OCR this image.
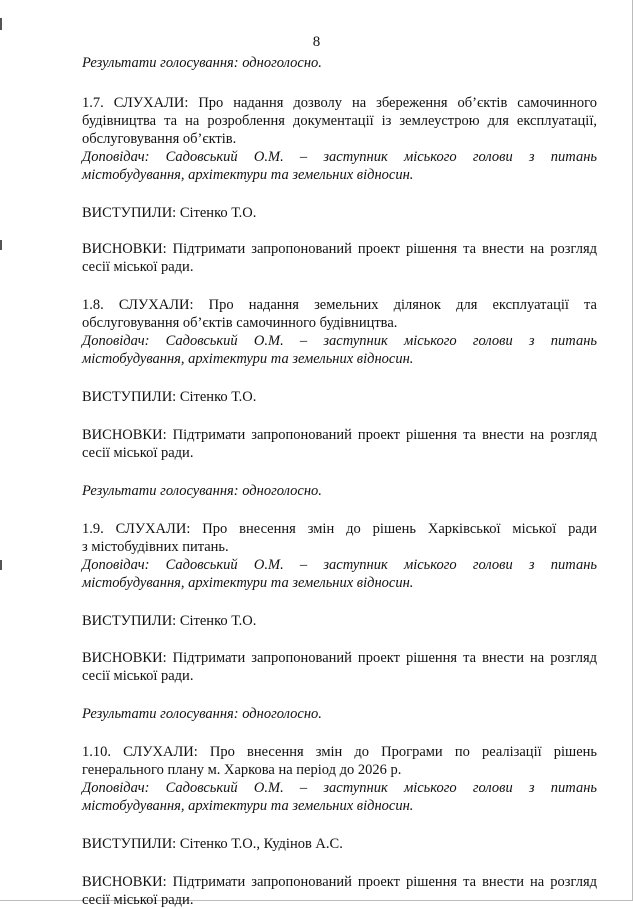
8

Результати голосування: одноголосно.

1.7. СЛУХАЛИ: Про надання дозволу на збереження об’єктів самочинного

будівництва та на розроблення документації із землеустрою для експлуатації,

обслуговування об’єктів.

Доповідач: Садовський О.М. – заступник міського голови з питань

містобудування, архітектури та земельних відносин.

ВИСТУПИЛИ: Сітенко Т.О.

ВИСНОВКИ: Підтримати запропонований проект рішення та внести на розгляд

сесії міської ради.

1.8. СЛУХАЛИ: Про надання земельних ділянок для експлуатації та

обслуговування об’єктів самочинного будівництва.

Доповідач: Садовський О.М. – заступник міського голови з питань

містобудування, архітектури та земельних відносин.

ВИСТУПИЛИ: Сітенко Т.О.

ВИСНОВКИ: Підтримати запропонований проект рішення та внести на розгляд

сесії міської ради.

Результати голосування: одноголосно.

1.9. СЛУХАЛИ: Про внесення змін до рішень Харківської міської ради

з містобудівних питань.

Доповідач: Садовський О.М. – заступник міського голови з питань

містобудування, архітектури та земельних відносин.

ВИСТУПИЛИ: Сітенко Т.О.

ВИСНОВКИ: Підтримати запропонований проект рішення та внести на розгляд

сесії міської ради.

Результати голосування: одноголосно.

1.10. СЛУХАЛИ: Про внесення змін до Програми по реалізації рішень

генерального плану м. Харкова на період до 2026 р.

Доповідач: Садовський О.М. – заступник міського голови з питань

містобудування, архітектури та земельних відносин.

ВИСТУПИЛИ: Сітенко Т.О., Кудінов А.С.

ВИСНОВКИ: Підтримати запропонований проект рішення та внести на розгляд

сесії міської ради.
